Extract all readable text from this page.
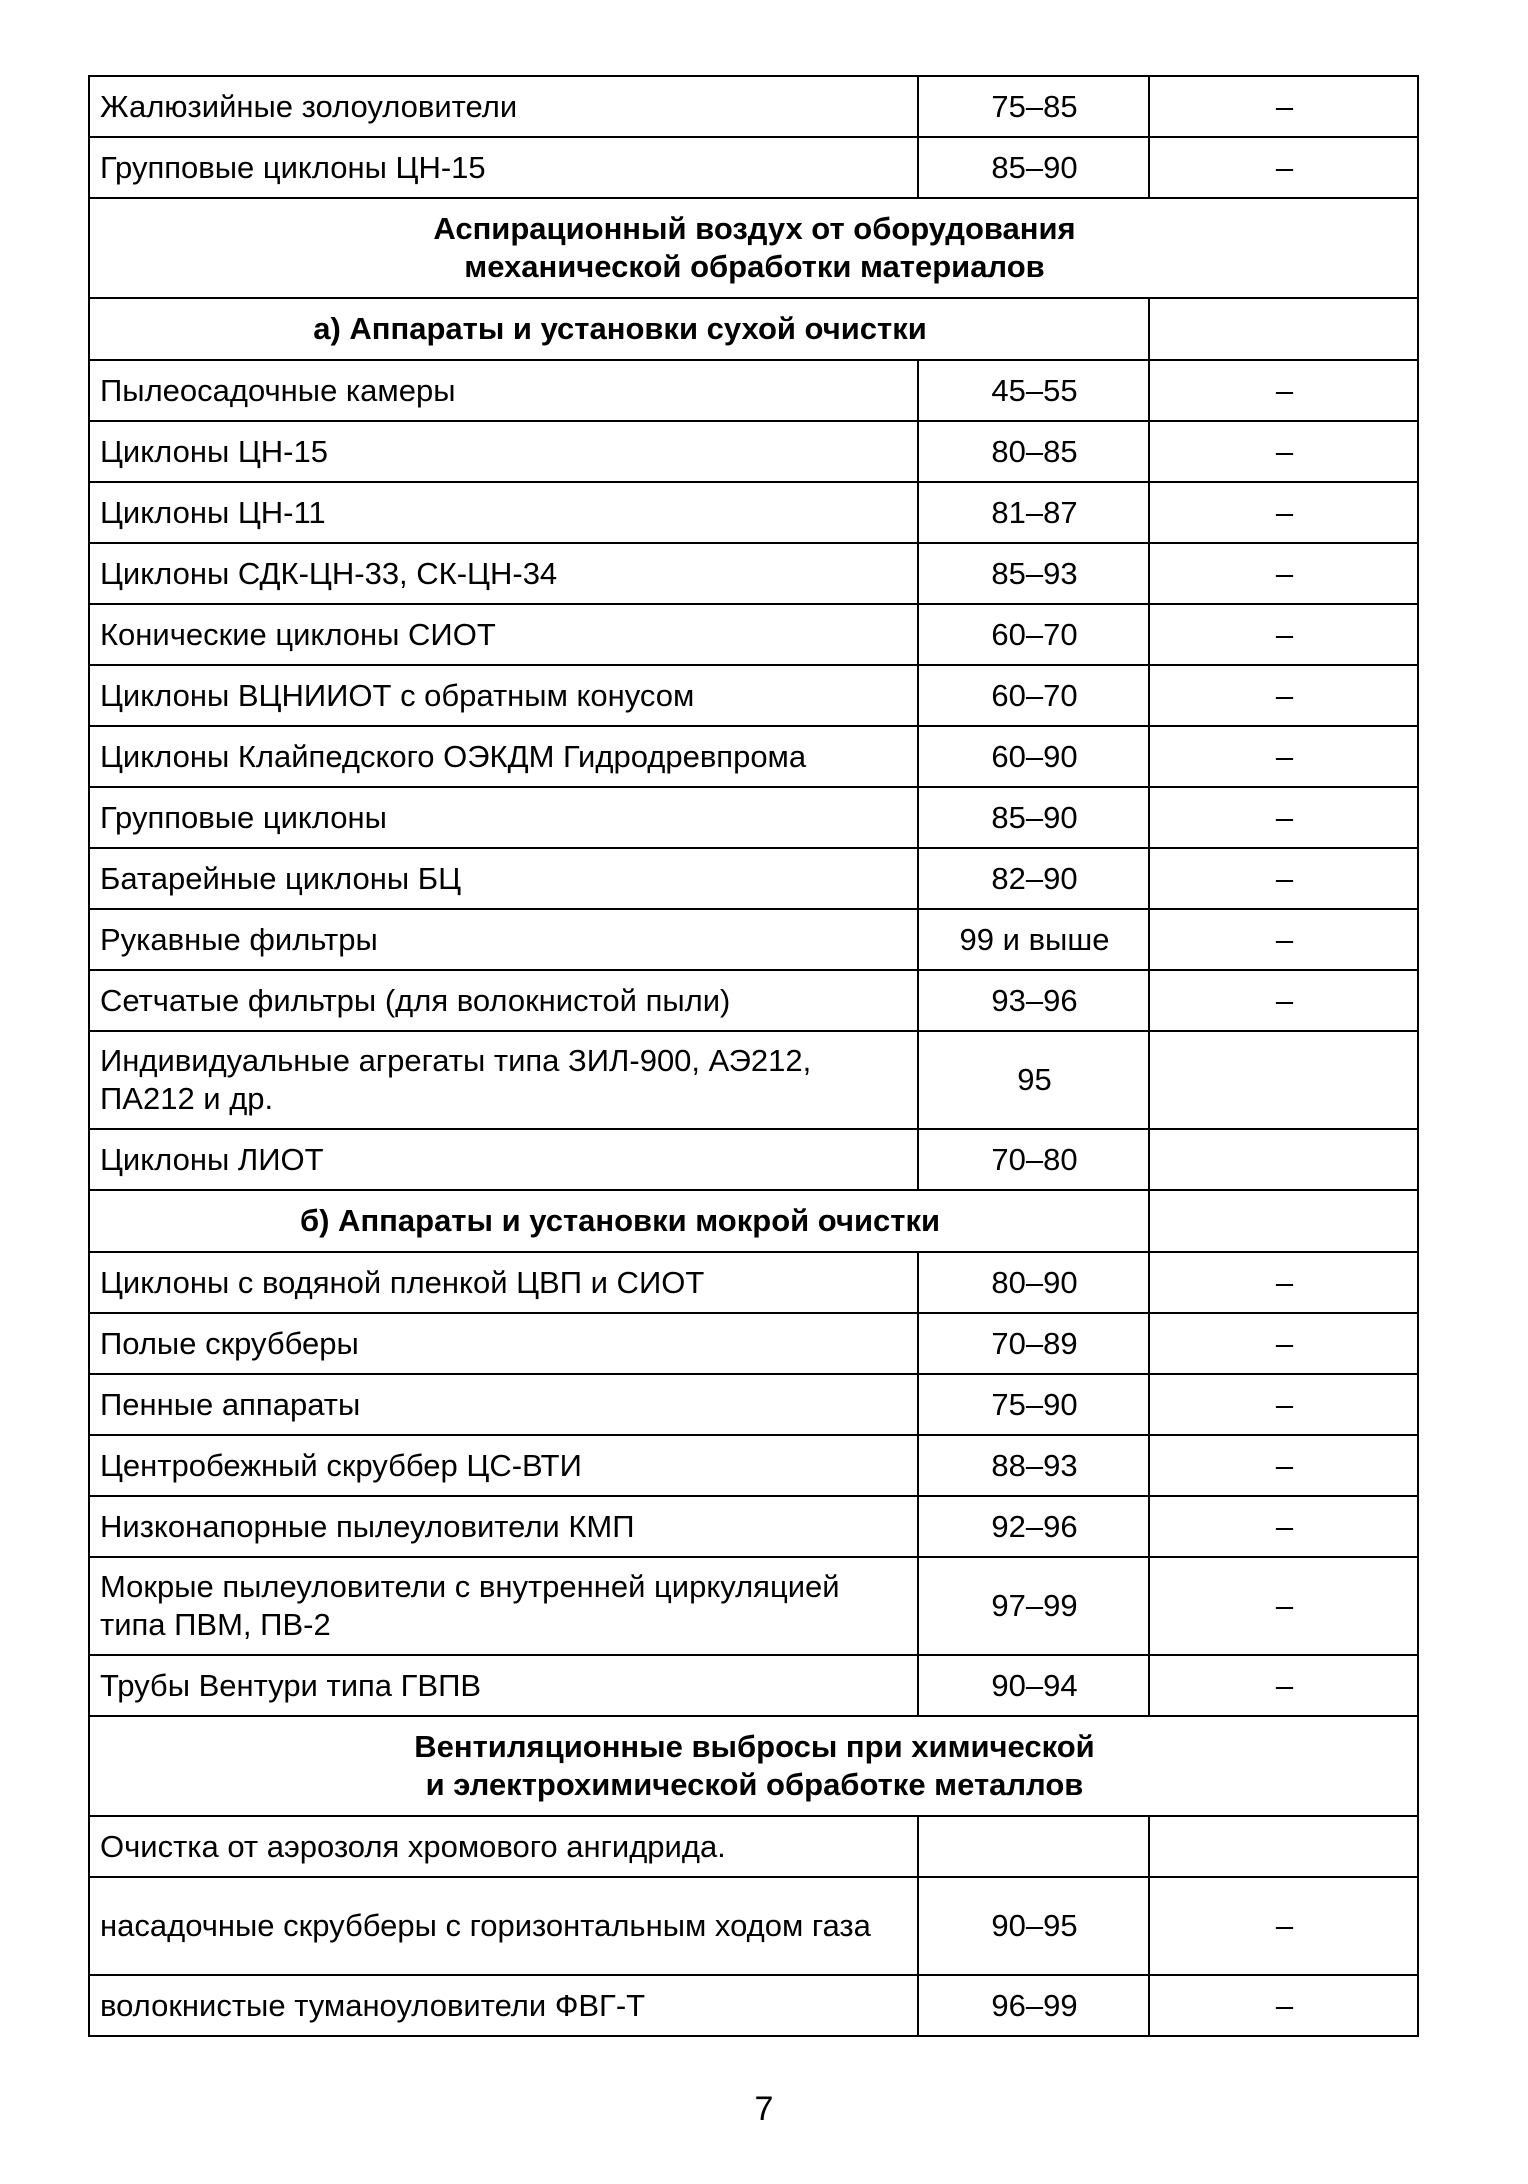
Жалюзийные золоуловители	75–85	–
Групповые циклоны ЦН-15	85–90	–

Аспирационный воздух от оборудования
механической обработки материалов		

а) Аппараты и установки сухой очистки		
Пылеосадочные камеры	45–55	–
Циклоны ЦН-15	80–85	–
Циклоны ЦН-11	81–87	–
Циклоны СДК-ЦН-33, СК-ЦН-34	85–93	–
Конические циклоны СИОТ	60–70	–
Циклоны ВЦНИИОТ с обратным конусом	60–70	–
Циклоны Клайпедского ОЭКДМ Гидродревпрома	60–90	–
Групповые циклоны	85–90	–
Батарейные циклоны БЦ	82–90	–
Рукавные фильтры	99 и выше	–
Сетчатые фильтры (для волокнистой пыли)	93–96	–
Индивидуальные агрегаты типа ЗИЛ-900, АЭ212, ПА212 и др.	95	
Циклоны ЛИОТ	70–80	
б) Аппараты и установки мокрой очистки		
Циклоны с водяной пленкой ЦВП и СИОТ	80–90	–
Полые скрубберы	70–89	–
Пенные аппараты	75–90	–
Центробежный скруббер ЦС-ВТИ	88–93	–
Низконапорные пылеуловители КМП	92–96	–
Мокрые пылеуловители с внутренней циркуляцией типа ПВМ, ПВ-2	97–99	–
Трубы Вентури типа ГВПВ	90–94	–

Вентиляционные выбросы при химической
и электрохимической обработке металлов		

Очистка от аэрозоля хромового ангидрида.		
насадочные скрубберы с горизонтальным ходом газа	90–95	–
волокнистые туманоуловители ФВГ-Т	96–99	–
7
